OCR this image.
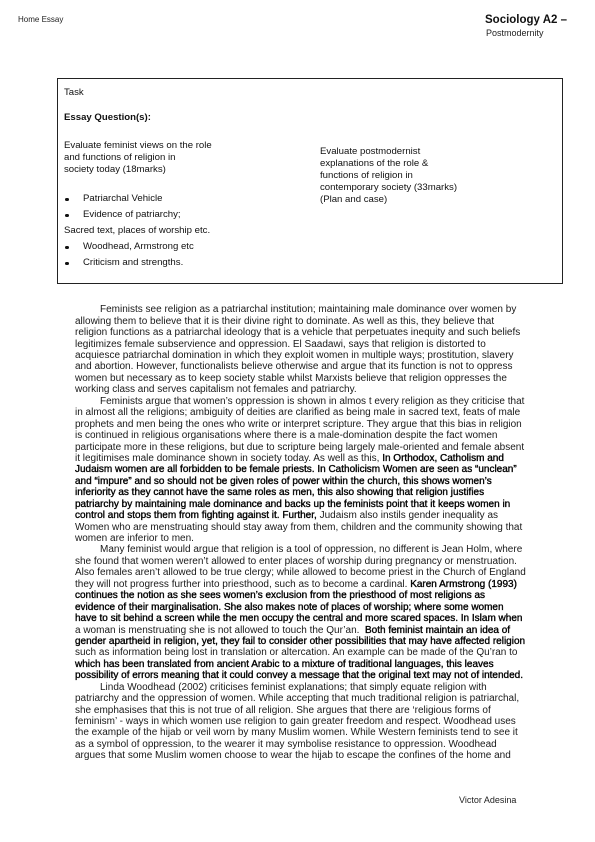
Home Essay	Sociology A2 –
Postmodernity
Task
Essay Question(s):
Evaluate feminist views on the role
and functions of religion in
society today (18marks)
Evaluate postmodernist
explanations of the role &
functions of religion in
contemporary society (33marks)
(Plan and case)
Patriarchal Vehicle
Evidence of patriarchy;
Sacred text, places of worship etc.
Woodhead, Armstrong etc
Criticism and strengths.
Feminists see religion as a patriarchal institution; maintaining male dominance over women by
allowing them to believe that it is their divine right to dominate. As well as this, they believe that
religion functions as a patriarchal ideology that is a vehicle that perpetuates inequity and such beliefs
legitimizes female subservience and oppression. El Saadawi, says that religion is distorted to
acquiesce patriarchal domination in which they exploit women in multiple ways; prostitution, slavery
and abortion. However, functionalists believe otherwise and argue that its function is not to oppress
women but necessary as to keep society stable whilst Marxists believe that religion oppresses the
working class and serves capitalism not females and patriarchy.
Feminists argue that women’s oppression is shown in almos t every religion as they criticise that
in almost all the religions; ambiguity of deities are clarified as being male in sacred text, feats of male
prophets and men being the ones who write or interpret scripture. They argue that this bias in religion
is continued in religious organisations where there is a male-domination despite the fact women
participate more in these religions, but due to scripture being largely male-oriented and female absent
it legitimises male dominance shown in society today. As well as this, In Orthodox, Catholism and
Judaism women are all forbidden to be female priests. In Catholicism Women are seen as “unclean”
and “impure” and so should not be given roles of power within the church, this shows women’s
inferiority as they cannot have the same roles as men, this also showing that religion justifies
patriarchy by maintaining male dominance and backs up the feminists point that it keeps women in
control and stops them from fighting against it. Further, Judaism also instils gender inequality as
Women who are menstruating should stay away from them, children and the community showing that
women are inferior to men.
Many feminist would argue that religion is a tool of oppression, no different is Jean Holm, where
she found that women weren’t allowed to enter places of worship during pregnancy or menstruation.
Also females aren’t allowed to be true clergy; while allowed to become priest in the Church of England
they will not progress further into priesthood, such as to become a cardinal. Karen Armstrong (1993)
continues the notion as she sees women’s exclusion from the priesthood of most religions as
evidence of their marginalisation. She also makes note of places of worship; where some women
have to sit behind a screen while the men occupy the central and more scared spaces. In Islam when
a woman is menstruating she is not allowed to touch the Qur’an.  Both feminist maintain an idea of
gender apartheid in religion, yet, they fail to consider other possibilities that may have affected religion
such as information being lost in translation or altercation. An example can be made of the Qu’ran to
which has been translated from ancient Arabic to a mixture of traditional languages, this leaves
possibility of errors meaning that it could convey a message that the original text may not of intended.
Linda Woodhead (2002) criticises feminist explanations; that simply equate religion with
patriarchy and the oppression of women. While accepting that much traditional religion is patriarchal,
she emphasises that this is not true of all religion. She argues that there are ‘religious forms of
feminism’ - ways in which women use religion to gain greater freedom and respect. Woodhead uses
the example of the hijab or veil worn by many Muslim women. While Western feminists tend to see it
as a symbol of oppression, to the wearer it may symbolise resistance to oppression. Woodhead
argues that some Muslim women choose to wear the hijab to escape the confines of the home and
Victor Adesina
